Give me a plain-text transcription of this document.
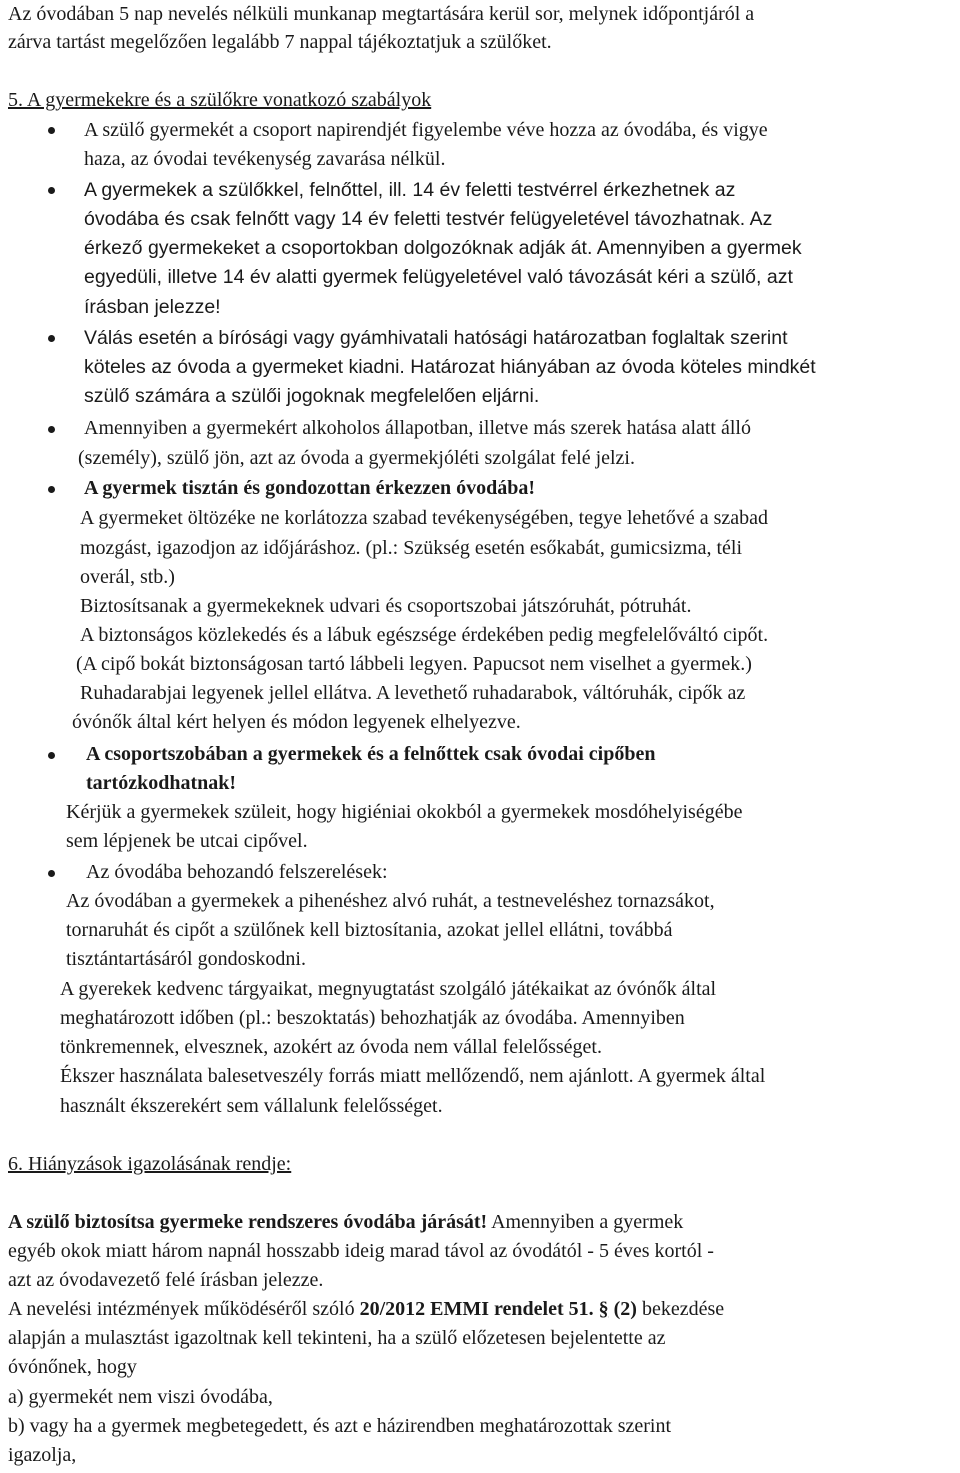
Az óvodában 5 nap nevelés nélküli munkanap megtartására kerül sor, melynek időpontjáról a
zárva tartást megelőzően legalább 7 nappal tájékoztatjuk a szülőket.
5. A gyermekekre és a szülőkre vonatkozó szabályok
A szülő gyermekét a csoport napirendjét figyelembe véve hozza az óvodába, és vigye
haza, az óvodai tevékenység zavarása nélkül.
A gyermekek a szülőkkel, felnőttel, ill. 14 év feletti testvérrel érkezhetnek az
óvodába és csak felnőtt vagy 14 év feletti testvér felügyeletével távozhatnak. Az
érkező gyermekeket a csoportokban dolgozóknak adják át. Amennyiben a gyermek
egyedüli, illetve 14 év alatti gyermek felügyeletével való távozását kéri a szülő, azt
írásban jelezze!
Válás esetén a bírósági vagy gyámhivatali hatósági határozatban foglaltak szerint
köteles az óvoda a gyermeket kiadni. Határozat hiányában az óvoda köteles mindkét
szülő számára a szülői jogoknak megfelelően eljárni.
Amennyiben a gyermekért alkoholos állapotban, illetve más szerek hatása alatt álló
(személy), szülő jön, azt az óvoda a gyermekjóléti szolgálat felé jelzi.
A gyermek tisztán és gondozottan érkezzen óvodába!
A gyermeket öltözéke ne korlátozza szabad tevékenységében, tegye lehetővé a szabad
mozgást, igazodjon az időjáráshoz. (pl.: Szükség esetén esőkabát, gumicsizma, téli
overál, stb.)
Biztosítsanak a gyermekeknek udvari és csoportszobai játszóruhát, pótruhát.
A biztonságos közlekedés és a lábuk egészsége érdekében pedig megfelelőváltó cipőt.
(A cipő bokát biztonságosan tartó lábbeli legyen. Papucsot nem viselhet a gyermek.)
Ruhadarabjai legyenek jellel ellátva. A levethető ruhadarabok, váltóruhák, cipők az
óvónők által kért helyen és módon legyenek elhelyezve.
A csoportszobában a gyermekek és a felnőttek csak óvodai cipőben
tartózkodhatnak!
Kérjük a gyermekek szüleit, hogy higiéniai okokból a gyermekek mosdóhelyiségébe
sem lépjenek be utcai cipővel.
Az óvodába behozandó felszerelések:
Az óvodában a gyermekek a pihenéshez alvó ruhát, a testneveléshez tornazsákot,
tornaruhát és cipőt a szülőnek kell biztosítania, azokat jellel ellátni, továbbá
tisztántartásáról gondoskodni.
A gyerekek kedvenc tárgyaikat, megnyugtatást szolgáló játékaikat az óvónők által
meghatározott időben (pl.: beszoktatás) behozhatják az óvodába. Amennyiben
tönkremennek, elvesznek, azokért az óvoda nem vállal felelősséget.
Ékszer használata balesetveszély forrás miatt mellőzendő, nem ajánlott. A gyermek által
használt ékszerekért sem vállalunk felelősséget.
6. Hiányzások igazolásának rendje:
A szülő biztosítsa gyermeke rendszeres óvodába járását! Amennyiben a gyermek
egyéb okok miatt három napnál hosszabb ideig marad távol az óvodától - 5 éves kortól -
azt az óvodavezető felé írásban jelezze.
A nevelési intézmények működéséről szóló 20/2012 EMMI rendelet 51. § (2) bekezdése
alapján a mulasztást igazoltnak kell tekinteni, ha a szülő előzetesen bejelentette az
óvónőnek, hogy
a) gyermekét nem viszi óvodába,
b) vagy ha a gyermek megbetegedett, és azt e házirendben meghatározottak szerint
igazolja,
